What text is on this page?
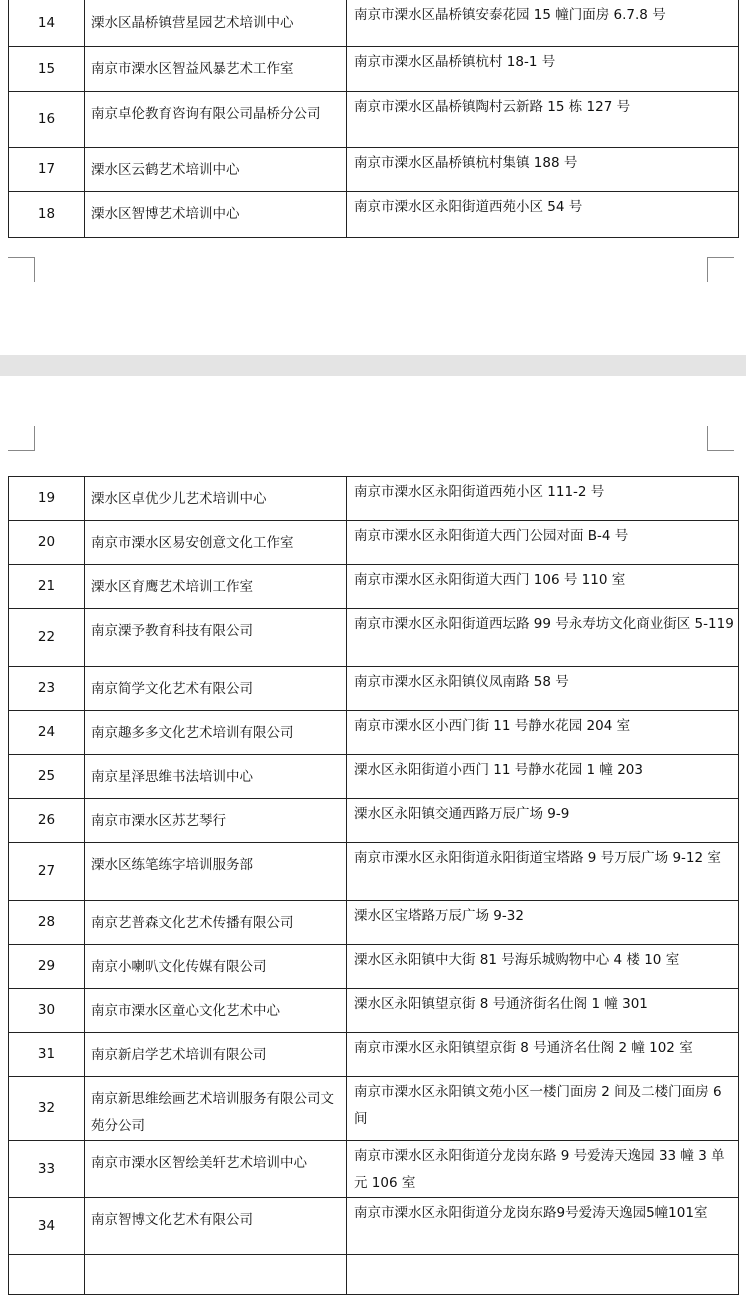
14	溧水区晶桥镇营星园艺术培训中心	南京市溧水区晶桥镇安泰花园 15 幢门面房 6.7.8 号
15	南京市溧水区智益风暴艺术工作室	南京市溧水区晶桥镇杭村 18-1 号
16	南京卓伦教育咨询有限公司晶桥分公司	南京市溧水区晶桥镇陶村云新路 15 栋 127 号
17	溧水区云鹤艺术培训中心	南京市溧水区晶桥镇杭村集镇 188 号
18	溧水区智博艺术培训中心	南京市溧水区永阳街道西苑小区 54 号
19	溧水区卓优少儿艺术培训中心	南京市溧水区永阳街道西苑小区 111-2 号
20	南京市溧水区易安创意文化工作室	南京市溧水区永阳街道大西门公园对面 B-4 号
21	溧水区育鹰艺术培训工作室	南京市溧水区永阳街道大西门 106 号 110 室
22	南京溧予教育科技有限公司	南京市溧水区永阳街道西坛路 99 号永寿坊文化商业街区 5-119
23	南京简学文化艺术有限公司	南京市溧水区永阳镇仪凤南路 58 号
24	南京趣多多文化艺术培训有限公司	南京市溧水区小西门街 11 号静水花园 204 室
25	南京星泽思维书法培训中心	溧水区永阳街道小西门 11 号静水花园 1 幢 203
26	南京市溧水区苏艺琴行	溧水区永阳镇交通西路万辰广场 9-9
27	溧水区练笔练字培训服务部	南京市溧水区永阳街道永阳街道宝塔路 9 号万辰广场 9-12 室
28	南京艺普森文化艺术传播有限公司	溧水区宝塔路万辰广场 9-32
29	南京小喇叭文化传媒有限公司	溧水区永阳镇中大街 81 号海乐城购物中心 4 楼 10 室
30	南京市溧水区童心文化艺术中心	溧水区永阳镇望京街 8 号通济街名仕阁 1 幢 301
31	南京新启学艺术培训有限公司	南京市溧水区永阳镇望京街 8 号通济名仕阁 2 幢 102 室
32	南京新思维绘画艺术培训服务有限公司文苑分公司	南京市溧水区永阳镇文苑小区一楼门面房 2 间及二楼门面房 6 间
33	南京市溧水区智绘美轩艺术培训中心	南京市溧水区永阳街道分龙岗东路 9 号爱涛天逸园 33 幢 3 单元 106 室
34	南京智博文化艺术有限公司	南京市溧水区永阳街道分龙岗东路9号爱涛天逸园5幢101室
